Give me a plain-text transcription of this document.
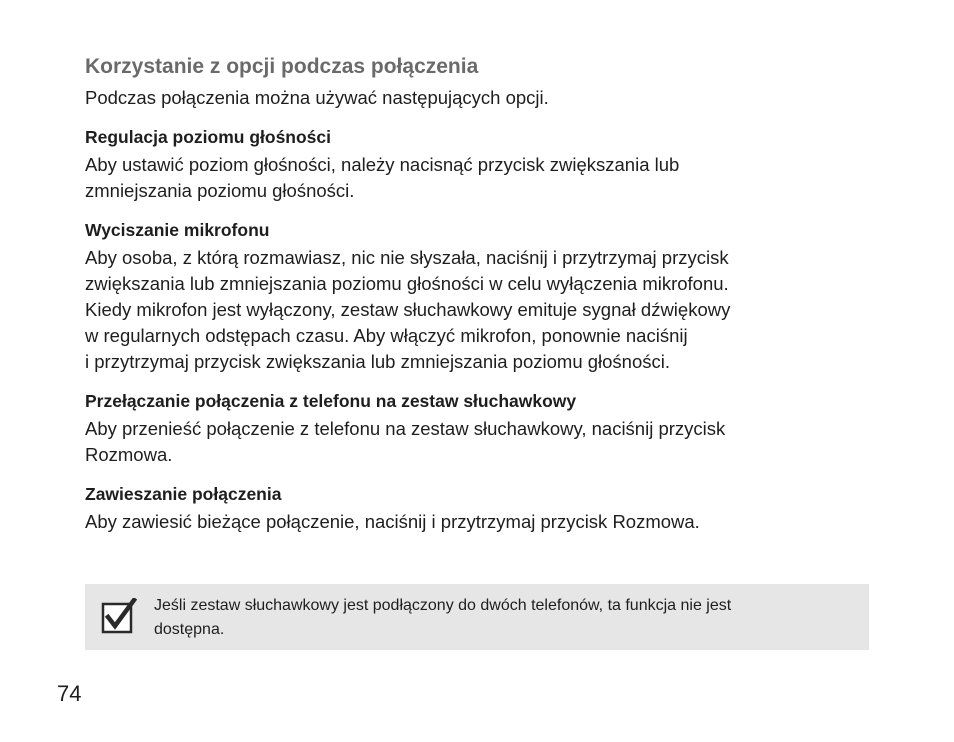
Korzystanie z opcji podczas połączenia

Podczas połączenia można używać następujących opcji.

Regulacja poziomu głośności

Aby ustawić poziom głośności, należy nacisnąć przycisk zwiększania lub
zmniejszania poziomu głośności.

Wyciszanie mikrofonu

Aby osoba, z którą rozmawiasz, nic nie słyszała, naciśnij i przytrzymaj przycisk
zwiększania lub zmniejszania poziomu głośności w celu wyłączenia mikrofonu.
Kiedy mikrofon jest wyłączony, zestaw słuchawkowy emituje sygnał dźwiękowy
w regularnych odstępach czasu. Aby włączyć mikrofon, ponownie naciśnij
i przytrzymaj przycisk zwiększania lub zmniejszania poziomu głośności.

Przełączanie połączenia z telefonu na zestaw słuchawkowy

Aby przenieść połączenie z telefonu na zestaw słuchawkowy, naciśnij przycisk
Rozmowa.

Zawieszanie połączenia

Aby zawiesić bieżące połączenie, naciśnij i przytrzymaj przycisk Rozmowa.

Jeśli zestaw słuchawkowy jest podłączony do dwóch telefonów, ta funkcja nie jest
dostępna.

74
